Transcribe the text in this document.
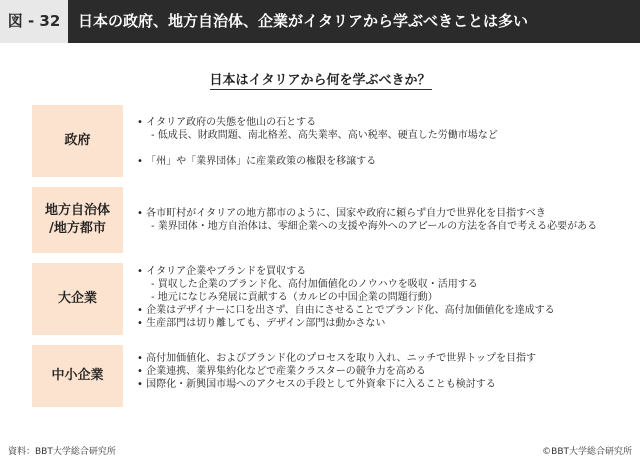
図 - 32	日本の政府、地方自治体、企業がイタリアから学ぶべきことは多い
日本はイタリアから何を学ぶべきか？
政府
• イタリア政府の失態を他山の石とする
- 低成長、財政問題、南北格差、高失業率、高い税率、硬直した労働市場など
• 「州」や「業界団体」に産業政策の権限を移譲する
地方自治体
/地方都市
• 各市町村がイタリアの地方都市のように、国家や政府に頼らず自力で世界化を目指すべき
- 業界団体・地方自治体は、零細企業への支援や海外へのアピールの方法を各自で考える必要がある
大企業
• イタリア企業やブランドを買収する
- 買収した企業のブランド化、高付加価値化のノウハウを吸収・活用する
- 地元になじみ発展に貢献する（カルビの中国企業の問題行動）
• 企業はデザイナーに口を出さず、自由にさせることでブランド化、高付加価値化を達成する
• 生産部門は切り離しても、デザイン部門は動かさない
中小企業
• 高付加価値化、およびブランド化のプロセスを取り入れ、ニッチで世界トップを目指す
• 企業連携、業界集約化などで産業クラスターの競争力を高める
• 国際化・新興国市場へのアクセスの手段として外資傘下に入ることも検討する
資料：BBT大学総合研究所	©BBT大学総合研究所
